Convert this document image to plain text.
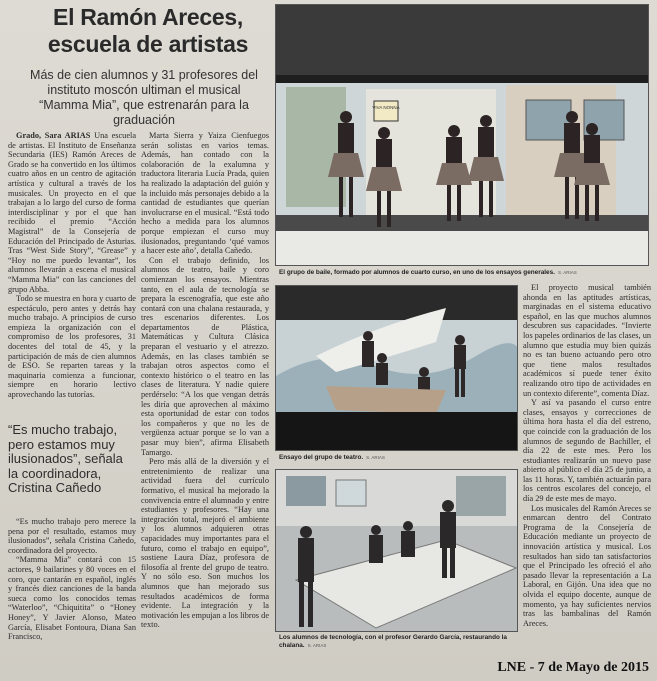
El Ramón Areces, escuela de artistas
Más de cien alumnos y 31 profesores del instituto moscón ultiman el musical “Mamma Mia”, que estrenarán para la graduación

Grado, Sara ARIAS Una escuela de artistas. El Instituto de Enseñanza Secundaria (IES) Ramón Areces de Grado se ha convertido en los últimos cuatro años en un centro de agitación artística y cultural a través de los musicales. Un proyecto en el que trabajan a lo largo del curso de forma interdisciplinar y por el que han recibido el premio “Acción Magistral” de la Consejería de Educación del Principado de Asturias. Tras “West Side Story”, “Grease” y “Hoy no me puedo levantar”, los alumnos llevarán a escena el musical “Mamma Mia” con las canciones del grupo Abba.

Todo se muestra en hora y cuarto de espectáculo, pero antes y detrás hay mucho trabajo. A principios de curso empieza la organización con el compromiso de los profesores, 31 docentes del total de 45, y la participación de más de cien alumnos de ESO. Se reparten tareas y la maquinaria comienza a funcionar, siempre en horario lectivo aprovechando las tutorías.

“Es mucho trabajo, pero estamos muy ilusionados”, señala la coordinadora, Cristina Cañedo

“Es mucho trabajo pero merece la pena por el resultado, estamos muy ilusionados”, señala Cristina Cañedo, coordinadora del proyecto.

“Mamma Mia” contará con 15 actores, 9 bailarines y 80 voces en el coro, que cantarán en español, inglés y francés diez canciones de la banda sueca como los conocidos temas “Waterloo”, “Chiquitita” o “Honey Honey”, Y Javier Alonso, Mateo García, Elisabet Fontoura, Diana San Francisco,

Marta Sierra y Yaiza Cienfuegos serán solistas en varios temas. Además, han contado con la colaboración de la exalumna y traductora literaria Lucía Prada, quien ha realizado la adaptación del guión y la incluido más personajes debido a la cantidad de estudiantes que querían involucrarse en el musical. “Está todo hecho a medida para los alumnos porque empiezan el curso muy ilusionados, preguntando ‘qué vamos a hacer este año’, detalla Cañedo.

Con el trabajo definido, los alumnos de teatro, baile y coro comienzan los ensayos. Mientras tanto, en el aula de tecnología se prepara la escenografía, que este año contará con una chalana restaurada, y tres escenarios diferentes. Los departamentos de Plástica, Matemáticas y Cultura Clásica preparan el vestuario y el atrezzo. Además, en las clases también se trabajan otros aspectos como el contexto histórico o el teatro en las clases de literatura. Y nadie quiere perdérselo: “A los que vengan detrás les diría que aprovechen al máximo esta oportunidad de estar con todos los compañeros y que no les de vergüenza actuar porque se lo van a pasar muy bien”, afirma Elisabeth Tamargo.

Pero más allá de la diversión y el entretenimiento de realizar una actividad fuera del currículo formativo, el musical ha mejorado la convivencia entre el alumnado y entre estudiantes y profesores. “Hay una integración total, mejoró el ambiente y los alumnos adquieren otras capacidades muy importantes para el futuro, como el trabajo en equipo”, sostiene Laura Díaz, profesora de filosofía al frente del grupo de teatro. Y no sólo eso. Son muchos los alumnos que han mejorado sus resultados académicos de forma evidente. La integración y la motivación les empujan a los libros de texto.

VIVA NONNA
El grupo de baile, formado por alumnos de cuarto curso, en uno de los ensayos generales. S. ARIAS

El proyecto musical también ahonda en las aptitudes artísticas, marginadas en el sistema educativo español, en las que muchos alumnos descubren sus capacidades. “Invierte los papeles ordinarios de las clases, un alumno que estudia muy bien quizás no es tan bueno actuando pero otro que tiene malos resultados académicos sí puede tener éxito realizando otro tipo de actividades en un contexto diferente”, comenta Díaz.

Y así va pasando el curso entre clases, ensayos y correcciones de última hora hasta el día del estreno, que coincide con la graduación de los alumnos de segundo de Bachiller, el día 22 de este mes. Pero los estudiantes realizarán un nuevo pase abierto al público el día 25 de junio, a las 11 horas. Y, también actuarán para los centros escolares del concejo, el día 29 de este mes de mayo.

Los musicales del Ramón Areces se enmarcan dentro del Contrato Programa de la Consejería de Educación mediante un proyecto de innovación artística y musical. Los resultados han sido tan satisfactorios que el Principado les ofreció el año pasado llevar la representación a La Laboral, en Gijón. Una idea que no olvida el equipo docente, aunque de momento, ya hay suficientes nervios tras las bambalinas del Ramón Areces.

Ensayo del grupo de teatro. S. ARIAS
Los alumnos de tecnología, con el profesor Gerardo García, restaurando la chalana. S. ARIAS
LNE - 7 de Mayo de 2015
